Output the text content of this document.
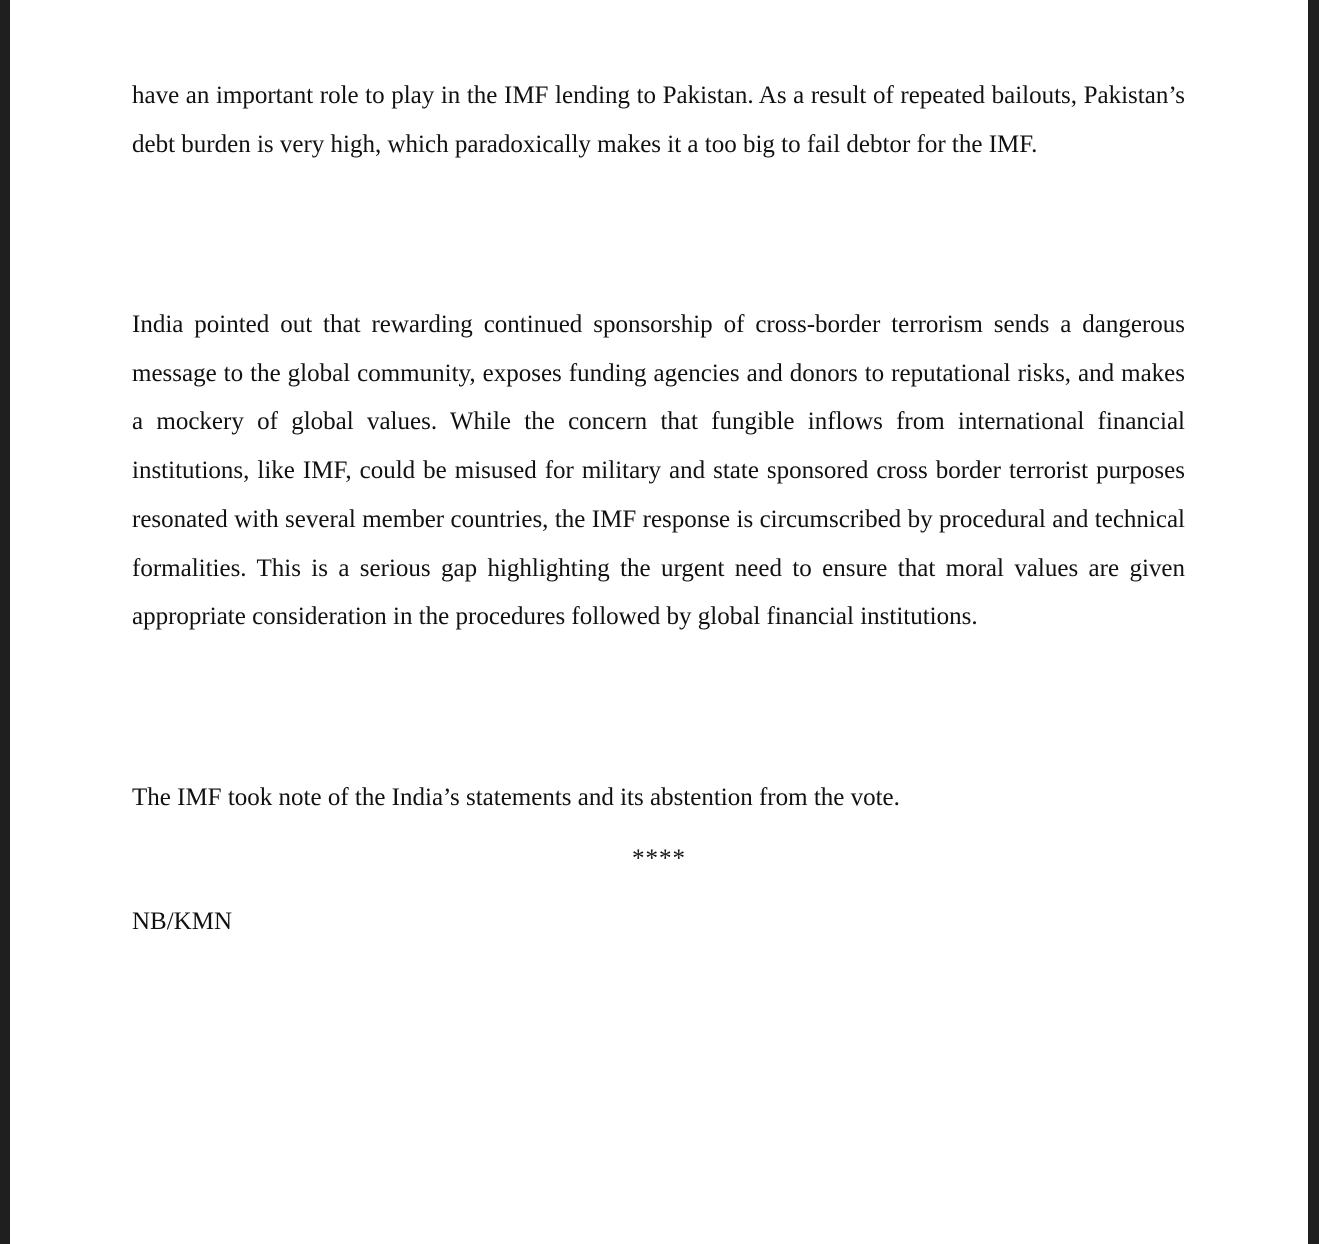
have an important role to play in the IMF lending to Pakistan. As a result of repeated bailouts, Pakistan’s debt burden is very high, which paradoxically makes it a too big to fail debtor for the IMF.

India pointed out that rewarding continued sponsorship of cross-border terrorism sends a dangerous message to the global community, exposes funding agencies and donors to reputational risks, and makes a mockery of global values. While the concern that fungible inflows from international financial institutions, like IMF, could be misused for military and state sponsored cross border terrorist purposes resonated with several member countries, the IMF response is circumscribed by procedural and technical formalities. This is a serious gap highlighting the urgent need to ensure that moral values are given appropriate consideration in the procedures followed by global financial institutions.

The IMF took note of the India’s statements and its abstention from the vote.

****

NB/KMN
